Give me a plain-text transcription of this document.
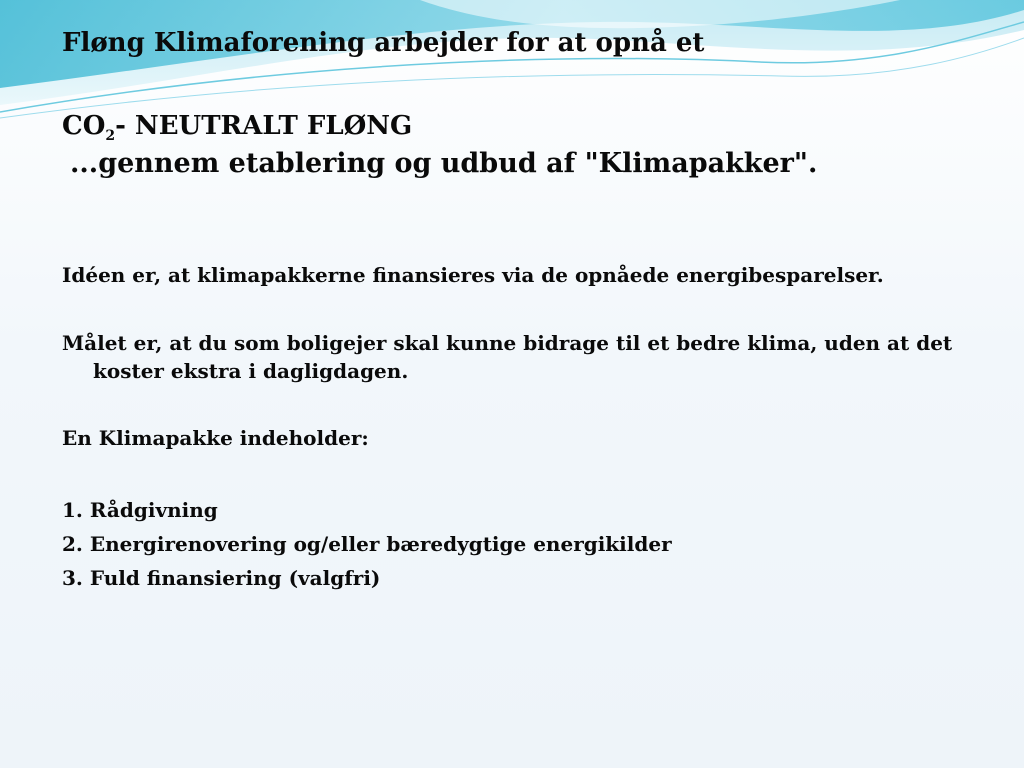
Fløng Klimaforening arbejder for at opnå et
$CO_2-$ NEUTRALT FLØNG
...gennem etablering og udbud af "Klimapakker".

Idéen er, at klimapakkerne finansieres via de opnåede energibesparelser.

Målet er, at du som boligejer skal kunne bidrage til et bedre klima, uden at det koster ekstra i dagligdagen.

En Klimapakke indeholder:

1. Rådgivning
2. Energirenovering og/eller bæredygtige energikilder
3. Fuld finansiering (valgfri)
